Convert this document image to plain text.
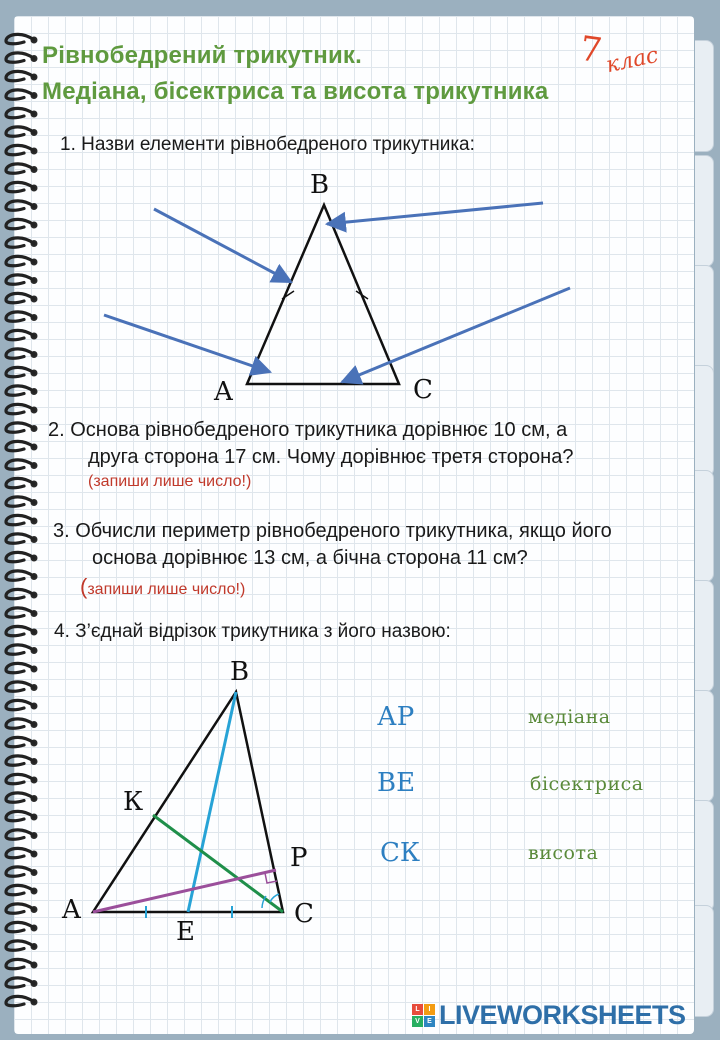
Рівнобедрений трикутник.
Медіана, бісектриса та висота трикутника
7 клас
1. Назви елементи рівнобедреного трикутника:
B
A	C
2. Основа рівнобедреного трикутника дорівнює 10 см, а
друга сторона 17 см. Чому дорівнює третя сторона?
(запиши лише число!)
3. Обчисли периметр рівнобедреного трикутника, якщо його
основа дорівнює 13 см, а бічна сторона 11 см?
(запиши лише число!)
4. З’єднай відрізок трикутника з його назвою:
B
К
P
A
E
C
АР
ВЕ
СК
медіана
бісектриса
висота
L	I
V	E LIVEWORKSHEETS
